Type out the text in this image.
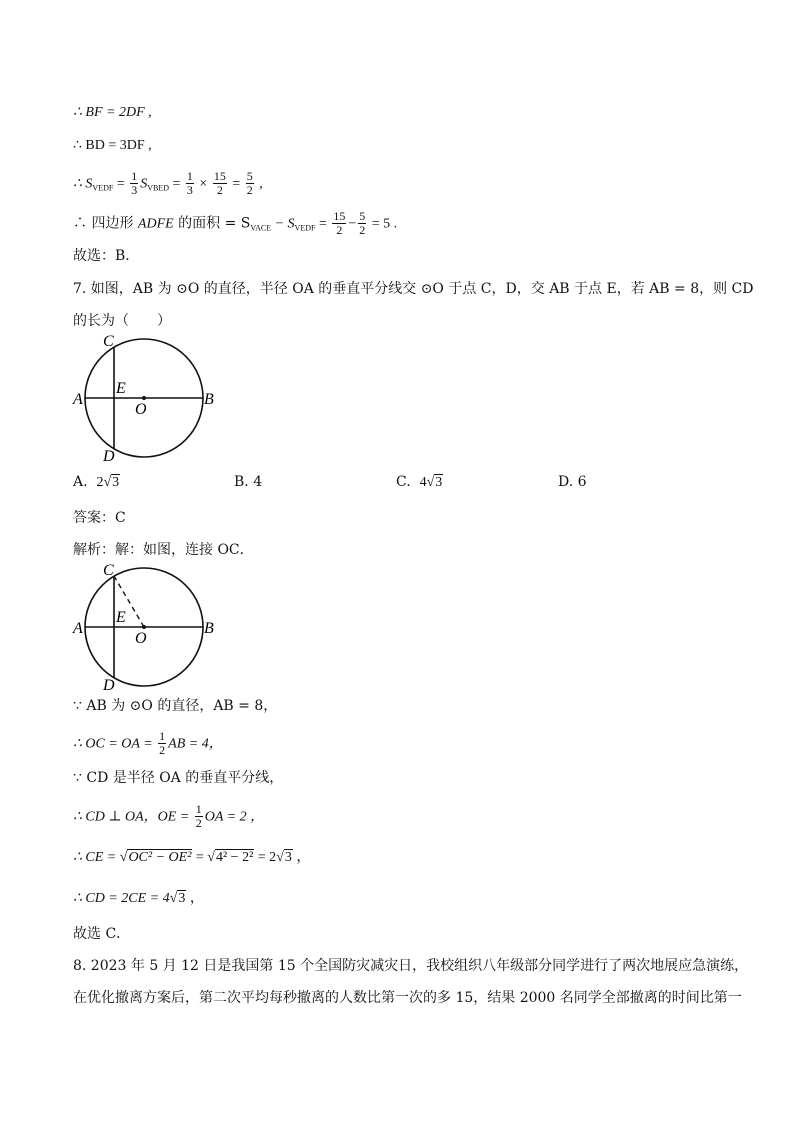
∴ BF = 2DF ,
∴ BD = 3DF ,
∴ $S_{VEDF} = \frac{1}{3} S_{VBED} = \frac{1}{3} \times \frac{15}{2} = \frac{5}{2}$ ,
∴ 四边形 ADFE 的面积 = $S_{VACE} - S_{VEDF} = \frac{15}{2} - \frac{5}{2} = 5$ .
故选：B．
7. 如图，AB 为 ⊙O 的直径，半径 OA 的垂直平分线交 ⊙O 于点 C，D，交 AB 于点 E，若 AB = 8，则 CD
的长为（　　）
A	B
C
D
E
O
A. 2√3	B. 4	C. 4√3	D. 6
答案：C
解析：解：如图，连接 OC．
A	B
C
D
E
O
∵ AB 为 ⊙O 的直径，AB = 8，
∴ OC = OA = $\frac{1}{2}$ AB = 4，
∵ CD 是半径 OA 的垂直平分线，
∴ CD ⊥ OA，OE = $\frac{1}{2}$ OA = 2 ，
∴ CE = √OC² − OE² = √4² − 2² = 2√3 ，
∴ CD = 2CE = 4√3 ，
故选 C．
8. 2023 年 5 月 12 日是我国第 15 个全国防灾减灾日，我校组织八年级部分同学进行了两次地展应急演练，
在优化撤离方案后，第二次平均每秒撤离的人数比第一次的多 15，结果 2000 名同学全部撤离的时间比第一
